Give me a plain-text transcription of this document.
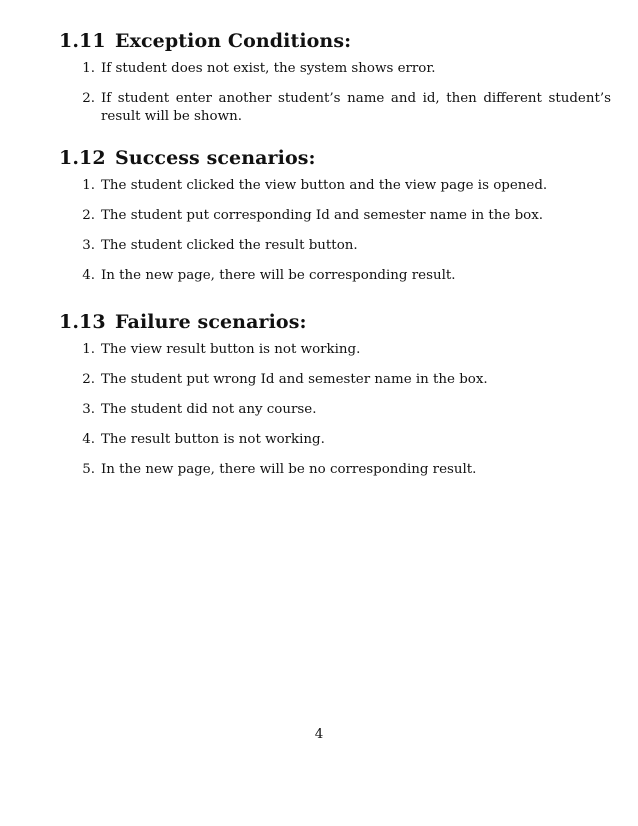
1.11 Exception Conditions:
1. If student does not exist, the system shows error.
2. If student enter another student’s name and id, then different student’s result will be shown.
1.12 Success scenarios:
1. The student clicked the view button and the view page is opened.
2. The student put corresponding Id and semester name in the box.
3. The student clicked the result button.
4. In the new page, there will be corresponding result.
1.13 Failure scenarios:
1. The view result button is not working.
2. The student put wrong Id and semester name in the box.
3. The student did not any course.
4. The result button is not working.
5. In the new page, there will be no corresponding result.
4
